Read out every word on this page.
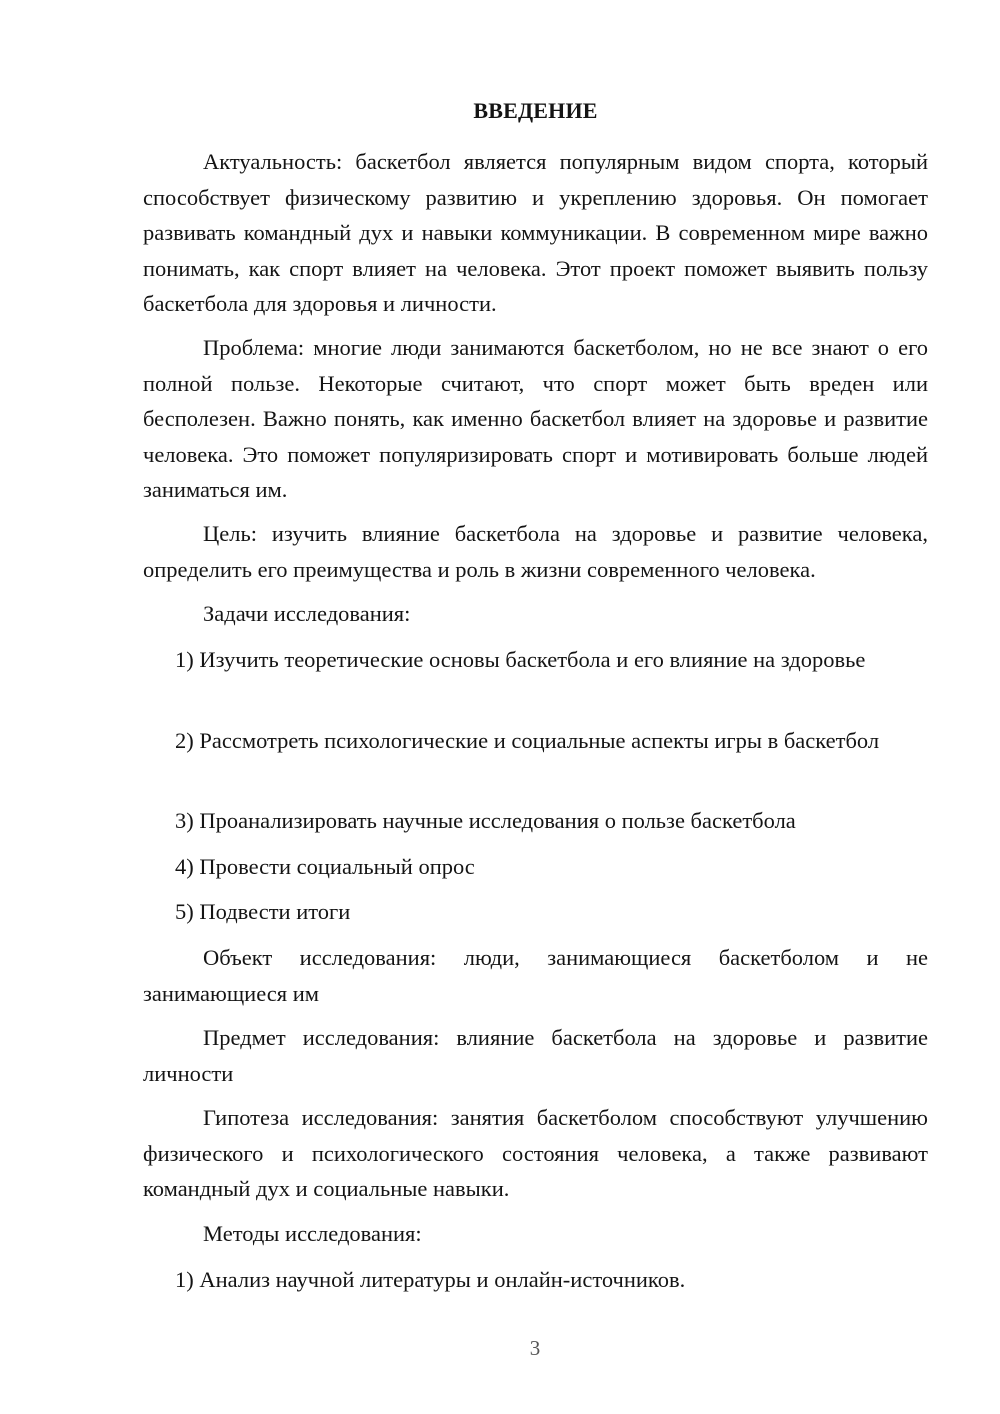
ВВЕДЕНИЕ

Актуальность: баскетбол является популярным видом спорта, который способствует физическому развитию и укреплению здоровья. Он помогает развивать командный дух и навыки коммуникации. В современном мире важно понимать, как спорт влияет на человека. Этот проект поможет выявить пользу баскетбола для здоровья и личности.

Проблема: многие люди занимаются баскетболом, но не все знают о его полной пользе. Некоторые считают, что спорт может быть вреден или бесполезен. Важно понять, как именно баскетбол влияет на здоровье и развитие человека. Это поможет популяризировать спорт и мотивировать больше людей заниматься им.

Цель: изучить влияние баскетбола на здоровье и развитие человека, определить его преимущества и роль в жизни современного человека.

Задачи исследования:

1) Изучить теоретические основы баскетбола и его влияние на здоровье

2) Рассмотреть психологические и социальные аспекты игры в баскетбол

3) Проанализировать научные исследования о пользе баскетбола

4) Провести социальный опрос

5) Подвести итоги

Объект исследования: люди, занимающиеся баскетболом и не занимающиеся им

Предмет исследования: влияние баскетбола на здоровье и развитие личности

Гипотеза исследования: занятия баскетболом способствуют улучшению физического и психологического состояния человека, а также развивают командный дух и социальные навыки.

Методы исследования:

1) Анализ научной литературы и онлайн-источников.

3
